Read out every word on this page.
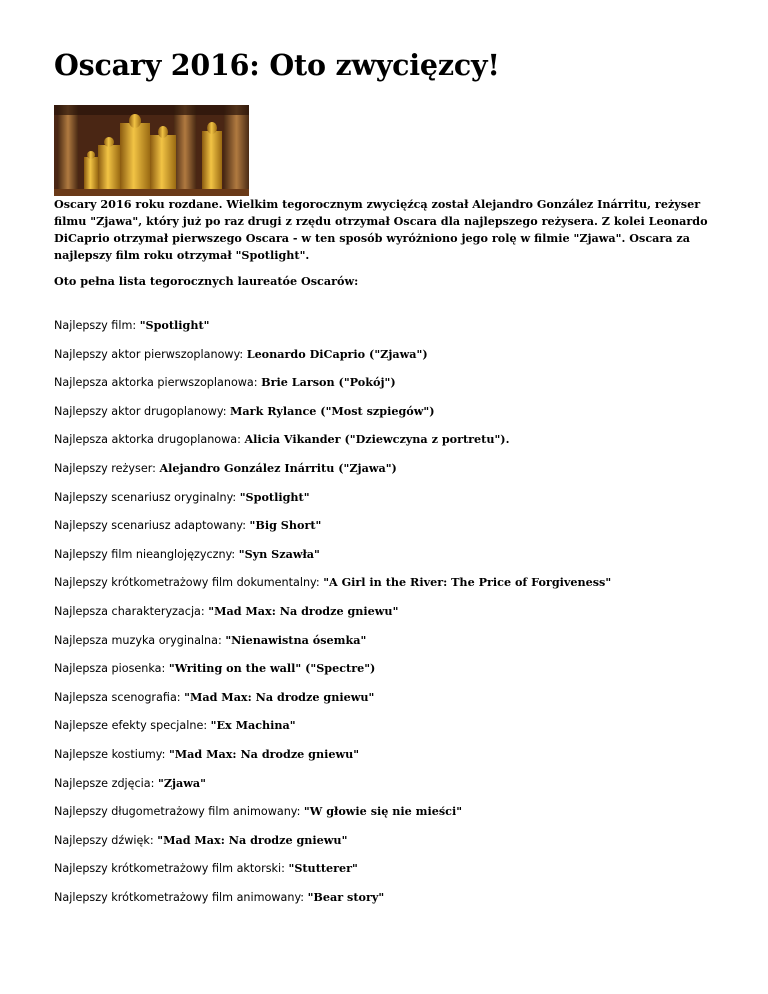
Oscary 2016: Oto zwycięzcy!

Oscary 2016 roku rozdane. Wielkim tegorocznym zwycięźcą został Alejandro González Inárritu, reżyser filmu "Zjawa", który już po raz drugi z rzędu otrzymał Oscara dla najlepszego reżysera. Z kolei Leonardo DiCaprio otrzymał pierwszego Oscara - w ten sposób wyróżniono jego rolę w filmie "Zjawa". Oscara za najlepszy film roku otrzymał "Spotlight".

Oto pełna lista tegorocznych laureatóe Oscarów:

Najlepszy film: "Spotlight"
Najlepszy aktor pierwszoplanowy: Leonardo DiCaprio ("Zjawa")
Najlepsza aktorka pierwszoplanowa: Brie Larson ("Pokój")
Najlepszy aktor drugoplanowy: Mark Rylance ("Most szpiegów")
Najlepsza aktorka drugoplanowa: Alicia Vikander ("Dziewczyna z portretu").
Najlepszy reżyser: Alejandro González Inárritu ("Zjawa")
Najlepszy scenariusz oryginalny: "Spotlight"
Najlepszy scenariusz adaptowany: "Big Short"
Najlepszy film nieanglojęzyczny: "Syn Szawła"
Najlepszy krótkometrażowy film dokumentalny: "A Girl in the River: The Price of Forgiveness"
Najlepsza charakteryzacja: "Mad Max: Na drodze gniewu"
Najlepsza muzyka oryginalna: "Nienawistna ósemka"
Najlepsza piosenka: "Writing on the wall" ("Spectre")
Najlepsza scenografia: "Mad Max: Na drodze gniewu"
Najlepsze efekty specjalne: "Ex Machina"
Najlepsze kostiumy: "Mad Max: Na drodze gniewu"
Najlepsze zdjęcia: "Zjawa"
Najlepszy długometrażowy film animowany: "W głowie się nie mieści"
Najlepszy dźwięk: "Mad Max: Na drodze gniewu"
Najlepszy krótkometrażowy film aktorski: "Stutterer"
Najlepszy krótkometrażowy film animowany: "Bear story"
